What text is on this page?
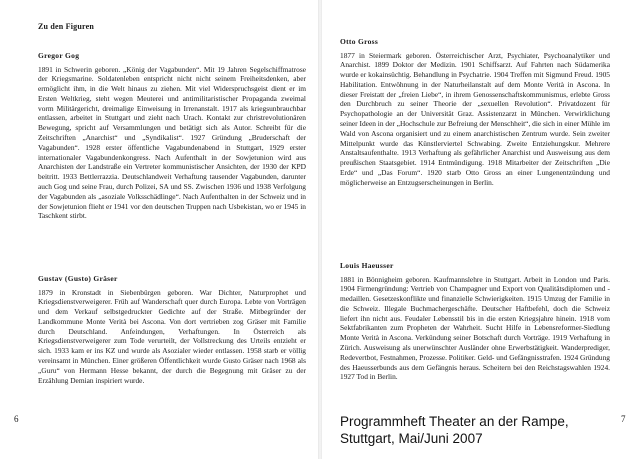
Zu den Figuren
Gregor Gog

1891 in Schwerin geboren. „König der Vagabunden“. Mit 19 Jahren Segelschiffmatrose der Kriegsmarine. Soldatenleben entspricht nicht nicht seinem Freiheitsdenken, aber ermöglicht ihm, in die Welt hinaus zu ziehen. Mit viel Widerspruchsgeist dient er im Ersten Weltkrieg, steht wegen Meuterei und antimilitaristischer Propaganda zweimal vorm Militärgericht, dreimalige Einweisung in Irrenanstalt. 1917 als kriegsunbrauchbar entlassen, arbeitet in Stuttgart und zieht nach Urach. Kontakt zur christrevolutionären Bewegung, spricht auf Versammlungen und betätigt sich als Autor. Schreibt für die Zeitschriften „Anarchist“ und „Syndikalist“. 1927 Gründung „Bruderschaft der Vagabunden“. 1928 erster öffentliche Vagabundenabend in Stuttgart, 1929 erster internationaler Vagabundenkongress. Nach Aufenthalt in der Sowjetunion wird aus Anarchisten der Landstraße ein Vertreter kommunistischer Ansichten, der 1930 der KPD beitritt. 1933 Bettlerrazzia. Deutschlandweit Verhaftung tausender Vagabunden, darunter auch Gog und seine Frau, durch Polizei, SA und SS. Zwischen 1936 und 1938 Verfolgung der Vagabunden als „asoziale Volksschädlinge“. Nach Aufenthalten in der Schweiz und in der Sowjetunion flieht er 1941 vor den deutschen Truppen nach Usbekistan, wo er 1945 in Taschkent stirbt.

Gustav (Gusto) Gräser

1879 in Kronstadt in Siebenbürgen geboren. War Dichter, Naturprophet und Kriegsdienstverweigerer. Früh auf Wanderschaft quer durch Europa. Lebte von Vorträgen und dem Verkauf selbstgedruckter Gedichte auf der Straße. Mitbegründer der Landkommune Monte Verità bei Ascona. Von dort vertrieben zog Gräser mit Familie durch Deutschland. Anfeindungen, Verhaftungen. In Österreich als Kriegsdienstverweigerer zum Tode verurteilt, der Vollstreckung des Urteils entzieht er sich. 1933 kam er ins KZ und wurde als Asozialer wieder entlassen. 1958 starb er völlig vereinsamt in München. Einer größeren Öffentlichkeit wurde Gusto Gräser nach 1968 als „Guru“ von Hermann Hesse bekannt, der durch die Begegnung mit Gräser zu der Erzählung Demian inspiriert wurde.

Otto Gross

1877 in Steiermark geboren. Österreichischer Arzt, Psychiater, Psychoanalytiker und Anarchist. 1899 Doktor der Medizin. 1901 Schiffsarzt. Auf Fahrten nach Südamerika wurde er kokainsüchtig. Behandlung in Psychatrie. 1904 Treffen mit Sigmund Freud. 1905 Habilitation. Entwöhnung in der Naturheilanstalt auf dem Monte Verità in Ascona. In dieser Freistatt der „freien Liebe“, in ihrem Genossenschaftskommunismus, erlebte Gross den Durchbruch zu seiner Theorie der „sexuellen Revolution“. Privatdozent für Psychopathologie an der Universität Graz. Assistenzarzt in München. Verwirklichung seiner Ideen in der „Hochschule zur Befreiung der Menschheit“, die sich in einer Mühle im Wald von Ascona organisiert und zu einem anarchistischen Zentrum wurde. Sein zweiter Mittelpunkt wurde das Künstlerviertel Schwabing. Zweite Entziehungskur. Mehrere Anstaltsaufenthalte. 1913 Verhaftung als gefährlicher Anarchist und Ausweisung aus dem preußischen Staatsgebiet. 1914 Entmündigung. 1918 Mitarbeiter der Zeitschriften „Die Erde“ und „Das Forum“. 1920 starb Otto Gross an einer Lungenentzündung und möglicherweise an Entzugserscheinungen in Berlin.

Louis Haeusser

1881 in Bönnigheim geboren. Kaufmannslehre in Stuttgart. Arbeit in London und Paris. 1904 Firmengründung: Vertrieb von Champagner und Export von Qualitätsdiplomen und -medaillen. Gesetzeskonflikte und finanzielle Schwierigkeiten. 1915 Umzug der Familie in die Schweiz. Illegale Buchmachergeschäfte. Deutscher Haftbefehl, doch die Schweiz liefert ihn nicht aus. Feudaler Lebensstil bis in die ersten Kriegsjahre hinein. 1918 vom Sektfabrikanten zum Propheten der Wahrheit. Sucht Hilfe in Lebensreformer-Siedlung Monte Verità in Ascona. Verkündung seiner Botschaft durch Vorträge. 1919 Verhaftung in Zürich. Ausweisung als unerwünschter Ausländer ohne Erwerbstätigkeit. Wanderprediger, Redevertbot, Festnahmen, Prozesse. Politiker. Geld- und Gefängnisstrafen. 1924 Gründung des Haeusserbunds aus dem Gefängnis heraus. Scheitern bei den Reichstagswahlen 1924. 1927 Tod in Berlin.

6	7
Programmheft Theater an der Rampe,
Stuttgart, Mai/Juni 2007
